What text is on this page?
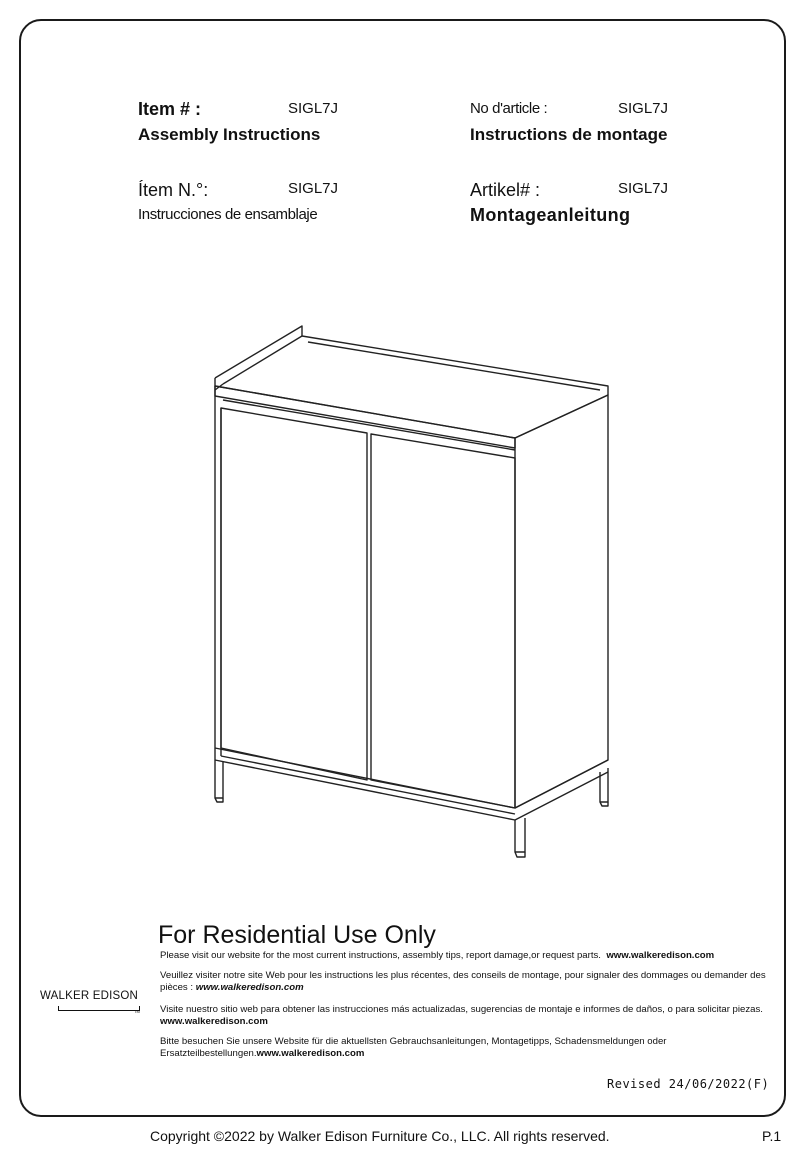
Item # :	SIGL7J
Assembly Instructions
No d'article :	SIGL7J
Instructions de montage
Ítem N.°:	SIGL7J
Instrucciones de ensamblaje
Artikel# :	SIGL7J
Montageanleitung
For Residential Use Only
Please visit our website for the most current instructions, assembly tips, report damage,or request parts. www.walkeredison.com
Veuillez visiter notre site Web pour les instructions les plus récentes, des conseils de montage, pour signaler des dommages ou demander des pièces : www.walkeredison.com
Visite nuestro sitio web para obtener las instrucciones más actualizadas, sugerencias de montaje e informes de daños, o para solicitar piezas. www.walkeredison.com
Bitte besuchen Sie unsere Website für die aktuellsten Gebrauchsanleitungen, Montagetipps, Schadensmeldungen oder Ersatzteilbestellungen.www.walkeredison.com
WALKER EDISON
TM
Revised 24/06/2022(F)
Copyright ©2022 by Walker Edison Furniture Co., LLC. All rights reserved.	P.1
